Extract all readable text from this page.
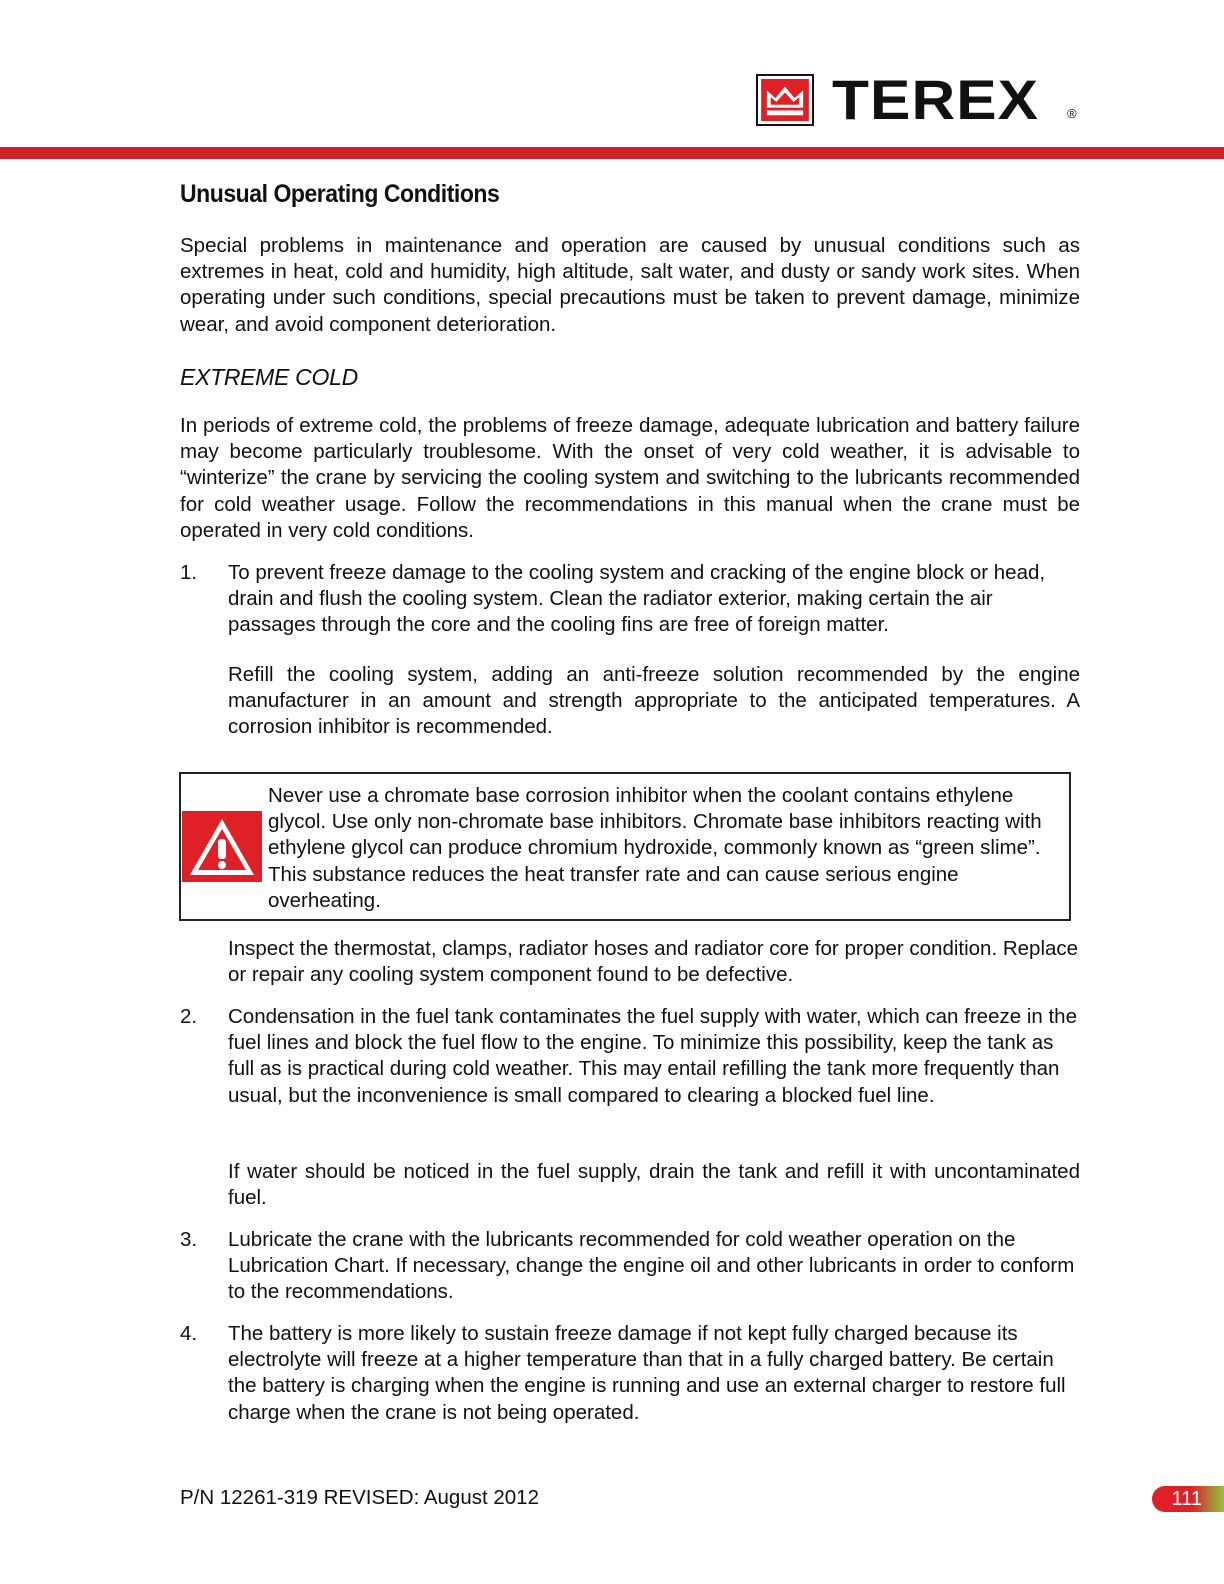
TEREX ®
Unusual Operating Conditions

Special problems in maintenance and operation are caused by unusual conditions such as extremes in heat, cold and humidity, high altitude, salt water, and dusty or sandy work sites. When operating under such conditions, special precautions must be taken to prevent damage, minimize wear, and avoid component deterioration.

EXTREME COLD

In periods of extreme cold, the problems of freeze damage, adequate lubrication and battery failure may become particularly troublesome. With the onset of very cold weather, it is advisable to “winterize” the crane by servicing the cooling system and switching to the lubricants recommended for cold weather usage. Follow the recommendations in this manual when the crane must be operated in very cold conditions.

1. To prevent freeze damage to the cooling system and cracking of the engine block or head, drain and flush the cooling system. Clean the radiator exterior, making certain the air passages through the core and the cooling fins are free of foreign matter.

Refill the cooling system, adding an anti-freeze solution recommended by the engine manufacturer in an amount and strength appropriate to the anticipated temperatures. A corrosion inhibitor is recommended.

Never use a chromate base corrosion inhibitor when the coolant contains ethylene glycol. Use only non-chromate base inhibitors. Chromate base inhibitors reacting with ethylene glycol can produce chromium hydroxide, commonly known as “green slime”. This substance reduces the heat transfer rate and can cause serious engine overheating.

Inspect the thermostat, clamps, radiator hoses and radiator core for proper condition. Replace or repair any cooling system component found to be defective.

2. Condensation in the fuel tank contaminates the fuel supply with water, which can freeze in the fuel lines and block the fuel flow to the engine. To minimize this possibility, keep the tank as full as is practical during cold weather. This may entail refilling the tank more frequently than usual, but the inconvenience is small compared to clearing a blocked fuel line.

If water should be noticed in the fuel supply, drain the tank and refill it with uncontaminated fuel.

3. Lubricate the crane with the lubricants recommended for cold weather operation on the Lubrication Chart. If necessary, change the engine oil and other lubricants in order to conform to the recommendations.

4. The battery is more likely to sustain freeze damage if not kept fully charged because its electrolyte will freeze at a higher temperature than that in a fully charged battery. Be certain the battery is charging when the engine is running and use an external charger to restore full charge when the crane is not being operated.

P/N 12261-319 REVISED: August 2012	111
